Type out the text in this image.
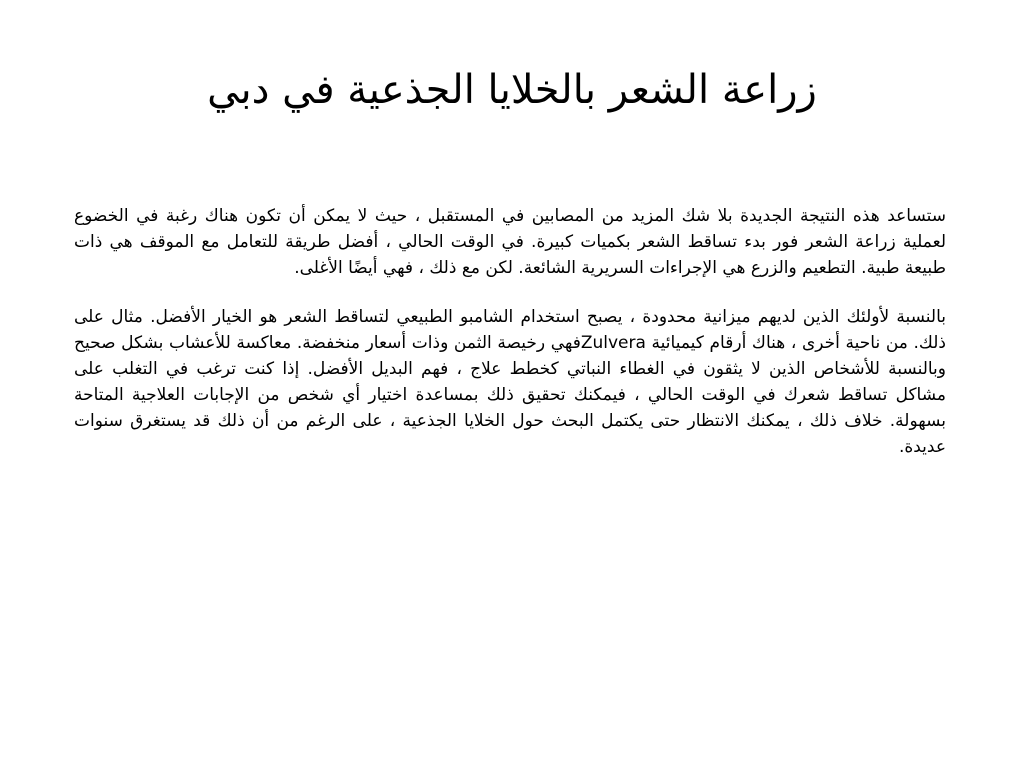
زراعة الشعر بالخلايا الجذعية في دبي

ستساعد هذه النتيجة الجديدة بلا شك المزيد من المصابين في المستقبل ، حيث لا يمكن أن تكون هناك رغبة في الخضوع لعملية زراعة الشعر فور بدء تساقط الشعر بكميات كبيرة. في الوقت الحالي ، أفضل طريقة للتعامل مع الموقف هي ذات طبيعة طبية. التطعيم والزرع هي الإجراءات السريرية الشائعة. لكن مع ذلك ، فهي أيضًا الأغلى.

بالنسبة لأولئك الذين لديهم ميزانية محدودة ، يصبح استخدام الشامبو الطبيعي لتساقط الشعر هو الخيار الأفضل. مثال على ذلك. من ناحية أخرى ، هناك أرقام كيميائية Zulveraفهي رخيصة الثمن وذات أسعار منخفضة. معاكسة للأعشاب بشكل صحيح وبالنسبة للأشخاص الذين لا يثقون في الغطاء النباتي كخطط علاج ، فهم البديل الأفضل. إذا كنت ترغب في التغلب على مشاكل تساقط شعرك في الوقت الحالي ، فيمكنك تحقيق ذلك بمساعدة اختيار أي شخص من الإجابات العلاجية المتاحة بسهولة. خلاف ذلك ، يمكنك الانتظار حتى يكتمل البحث حول الخلايا الجذعية ، على الرغم من أن ذلك قد يستغرق سنوات عديدة.
